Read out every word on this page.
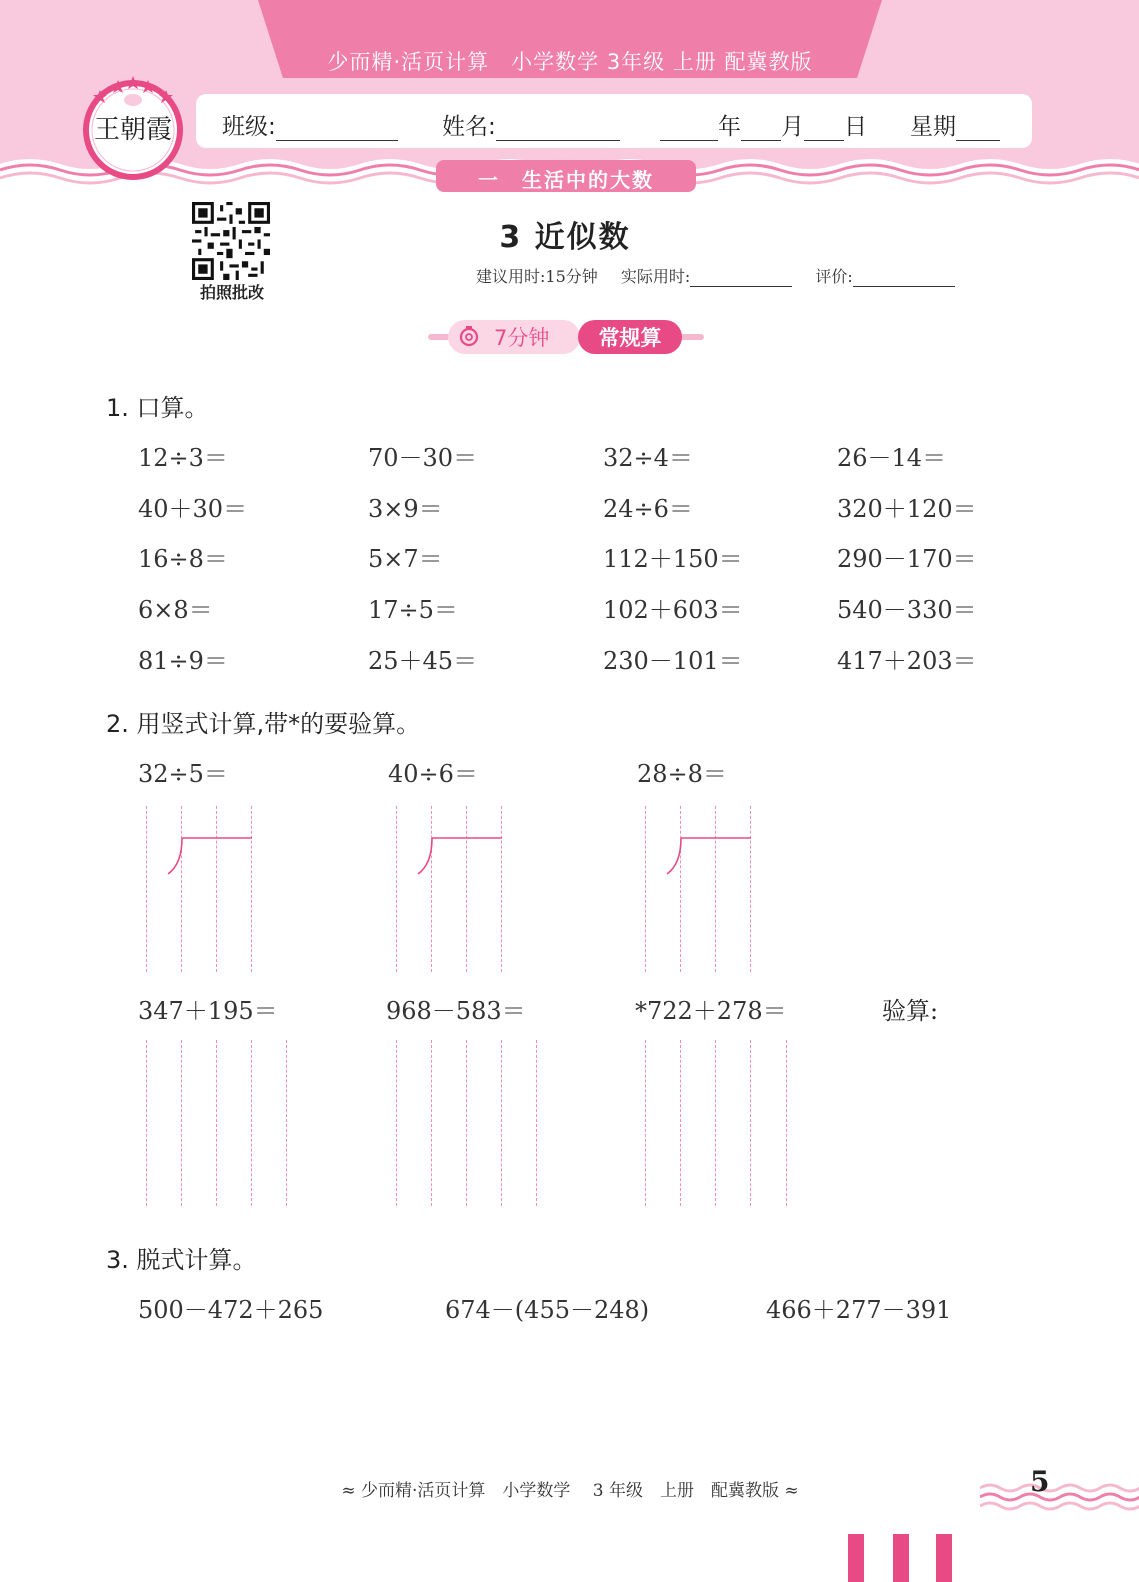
少而精·活页计算　小学数学 3年级 上册 配冀教版
班级:	姓名:	年 月 日 星期
王朝霞
一　生活中的大数
拍照批改
3 近似数
建议用时:15分钟 实际用时:	评价:
7分钟	常规算
1. 口算。
12÷3＝	70－30＝	32÷4＝	26－14＝
40＋30＝	3×9＝	24÷6＝	320＋120＝
16÷8＝	5×7＝	112＋150＝	290－170＝
6×8＝	17÷5＝	102＋603＝	540－330＝
81÷9＝	25＋45＝	230－101＝	417＋203＝
2. 用竖式计算,带*的要验算。
32÷5＝	40÷6＝	28÷8＝
347＋195＝	968－583＝	*722＋278＝	验算:
3. 脱式计算。
500－472＋265	674－(455－248)	466＋277－391
≈ 少而精·活页计算　小学数学　 3 年级　上册　配冀教版 ≈	5
